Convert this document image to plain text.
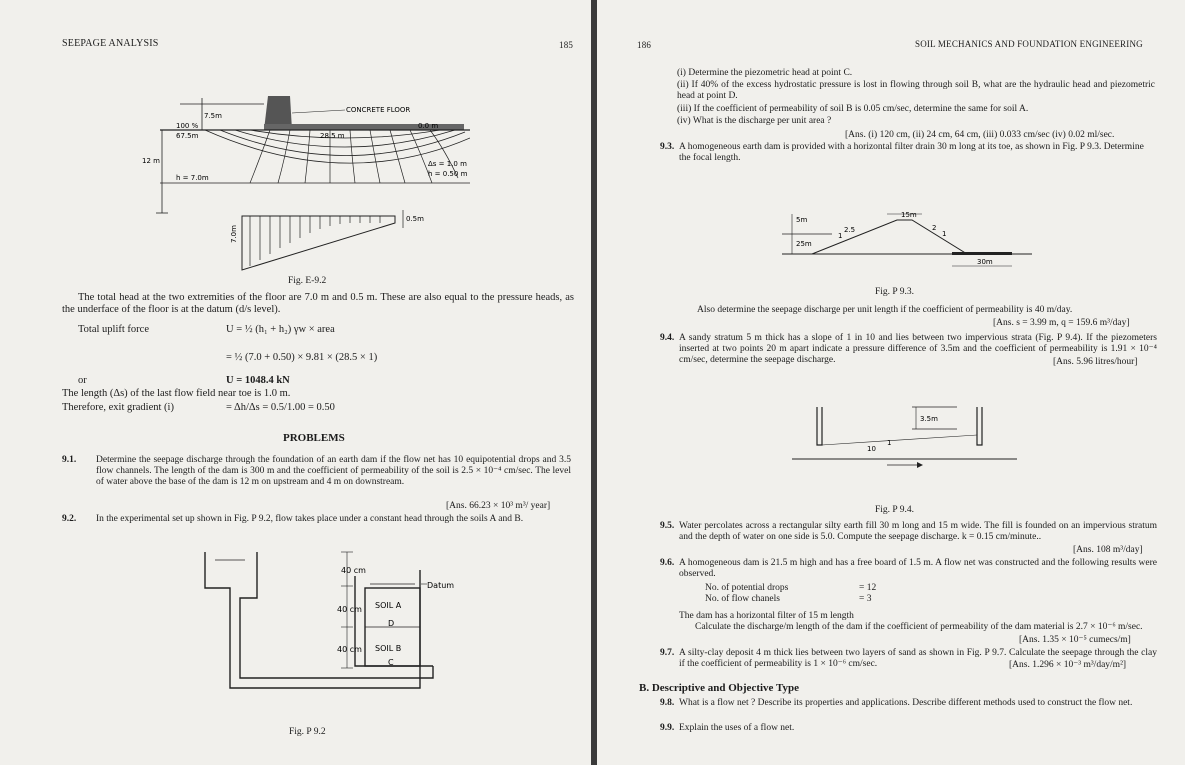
SEEPAGE ANALYSIS	185
7.5m
CONCRETE FLOOR
100 %
67.5m	28.5 m
0.0 m
12 m
h = 7.0m
Δs = 1.0 m
h = 0.50 m
0.5m
7.0m
Fig. E-9.2
The total head at the two extremities of the floor are 7.0 m and 0.5 m. These are also equal to the pressure heads, as the underface of the floor is at the datum (d/s level).
Total uplift force	U = ½ (h₁ + h₂) γw × area
= ½ (7.0 + 0.50) × 9.81 × (28.5 × 1)
or	U = 1048.4 kN
The length (Δs) of the last flow field near toe is 1.0 m.
Therefore, exit gradient (i)	= Δh/Δs = 0.5/1.00 = 0.50
PROBLEMS
9.1. Determine the seepage discharge through the foundation of an earth dam if the flow net has 10 equipotential drops and 3.5 flow channels. The length of the dam is 300 m and the coefficient of permeability of the soil is 2.5 × 10⁻⁴ cm/sec. The level of water above the base of the dam is 12 m on upstream and 4 m on downstream.
[Ans. 66.23 × 10³ m³/ year]
9.2. In the experimental set up shown in Fig. P 9.2, flow takes place under a constant head through the soils A and B.
40 cm
40 cm
40 cm
Datum
SOIL A
D
SOIL B
C
Fig. P 9.2
186	SOIL MECHANICS AND FOUNDATION ENGINEERING
(i) Determine the piezometric head at point C.
(ii) If 40% of the excess hydrostatic pressure is lost in flowing through soil B, what are the hydraulic head and piezometric head at point D.
(iii) If the coefficient of permeability of soil B is 0.05 cm/sec, determine the same for soil A.
(iv) What is the discharge per unit area ?
[Ans. (i) 120 cm, (ii) 24 cm, 64 cm, (iii) 0.033 cm/sec (iv) 0.02 ml/sec.
9.3. A homogeneous earth dam is provided with a horizontal filter drain 30 m long at its toe, as shown in Fig. P 9.3. Determine the focal length.
15m
5m
2.5
1
2
1
25m
30m
Fig. P 9.3.
Also determine the seepage discharge per unit length if the coefficient of permeability is 40 m/day.
[Ans. s = 3.99 m, q = 159.6 m³/day]
9.4. A sandy stratum 5 m thick has a slope of 1 in 10 and lies between two impervious strata (Fig. P 9.4). If the piezometers inserted at two points 20 m apart indicate a pressure difference of 3.5m and the coefficient of permeability is 1.91 × 10⁻⁴ cm/sec, determine the seepage discharge.	[Ans. 5.96 litres/hour]
3.5m
10
1
Fig. P 9.4.
9.5. Water percolates across a rectangular silty earth fill 30 m long and 15 m wide. The fill is founded on an impervious stratum and the depth of water on one side is 5.0. Compute the seepage discharge. k = 0.15 cm/minute..
[Ans. 108 m³/day]
9.6. A homogeneous dam is 21.5 m high and has a free board of 1.5 m. A flow net was constructed and the following results were observed.
No. of potential drops	= 12
No. of flow chanels	= 3
The dam has a horizontal filter of 15 m length
Calculate the discharge/m length of the dam if the coefficient of permeability of the dam material is 2.7 × 10⁻⁶ m/sec.
[Ans. 1.35 × 10⁻⁵ cumecs/m]
9.7. A silty-clay deposit 4 m thick lies between two layers of sand as shown in Fig. P 9.7. Calculate the seepage through the clay if the coefficient of permeability is 1 × 10⁻⁶ cm/sec.	[Ans. 1.296 × 10⁻³ m³/day/m²]
B. Descriptive and Objective Type
9.8. What is a flow net ? Describe its properties and applications. Describe different methods used to construct the flow net.
9.9. Explain the uses of a flow net.
